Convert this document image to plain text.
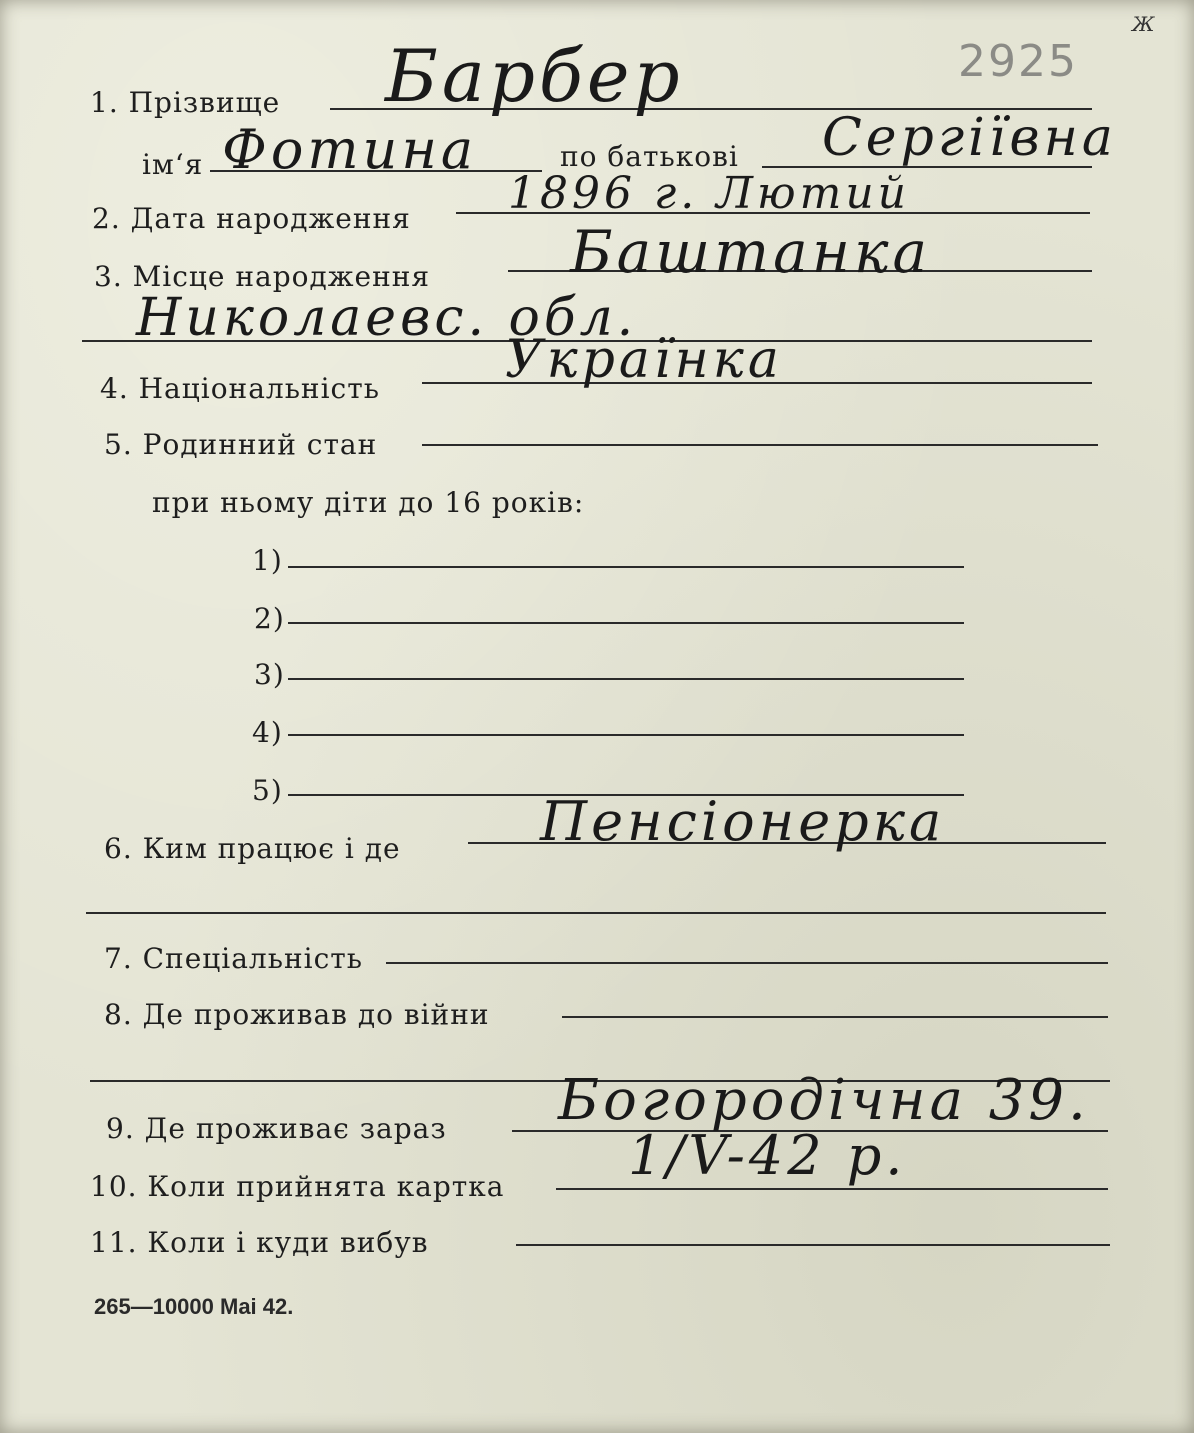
Ж
2925
1. Прізвище Барбер
ім‘я Фотина	по батькові Сергіївна
2. Дата народження 1896 г. Лютий
3. Місце народження Баштанка
Николаевс. обл.
4. Національність Українка
5. Родинний стан
при ньому діти до 16 років:
1)
2)
3)
4)
5)
6. Ким працює і де	Пенсіонерка
7. Спеціальність
8. Де проживав до війни
9. Де проживає зараз Богородічна 39.
10. Коли прийнята картка 1/V-42 р.
11. Коли і куди вибув
265—10000 Mai 42.
